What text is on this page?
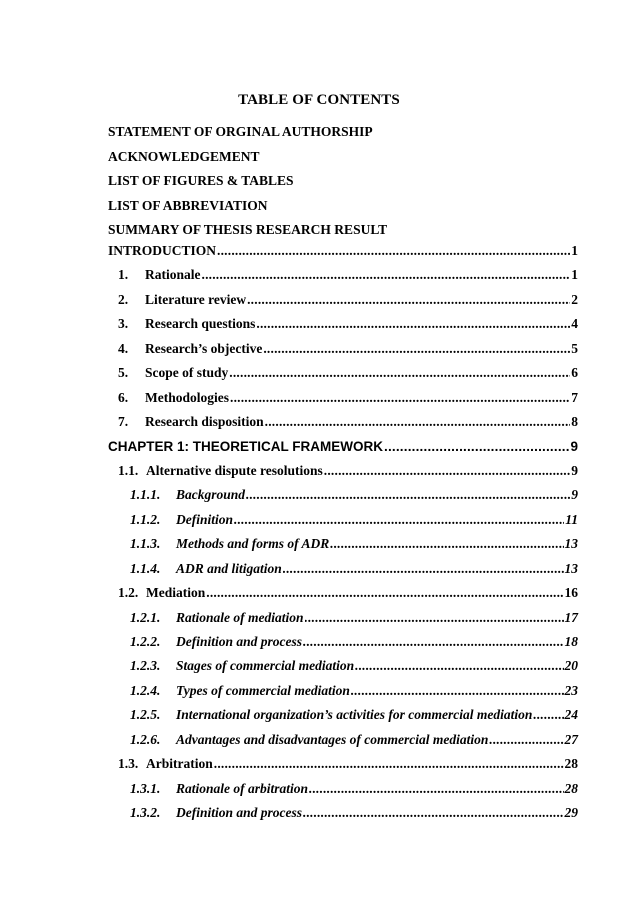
TABLE OF CONTENTS
STATEMENT OF ORGINAL AUTHORSHIP
ACKNOWLEDGEMENT
LIST OF FIGURES & TABLES
LIST OF ABBREVIATION
SUMMARY OF THESIS RESEARCH RESULT
INTRODUCTION .....	1
1.	Rationale .....	1
2.	Literature review .....	2
3.	Research questions .....	4
4.	Research’s objective .....	5
5.	Scope of study .....	6
6.	Methodologies .....	7
7.	Research disposition .....	8
CHAPTER 1: THEORETICAL FRAMEWORK .....	9
1.1. Alternative dispute resolutions .....	9
1.1.1.	Background .....	9
1.1.2.	Definition .....	11
1.1.3.	Methods and forms of ADR .....	13
1.1.4.	ADR and litigation .....	13
1.2. Mediation .....	16
1.2.1.	Rationale of mediation .....	17
1.2.2.	Definition and process .....	18
1.2.3.	Stages of commercial mediation .....	20
1.2.4.	Types of commercial mediation .....	23
1.2.5.	International organization’s activities for commercial mediation ..... 24
1.2.6.	Advantages and disadvantages of commercial mediation .....	27
1.3. Arbitration .....	28
1.3.1.	Rationale of arbitration .....	28
1.3.2.	Definition and process .....	29
